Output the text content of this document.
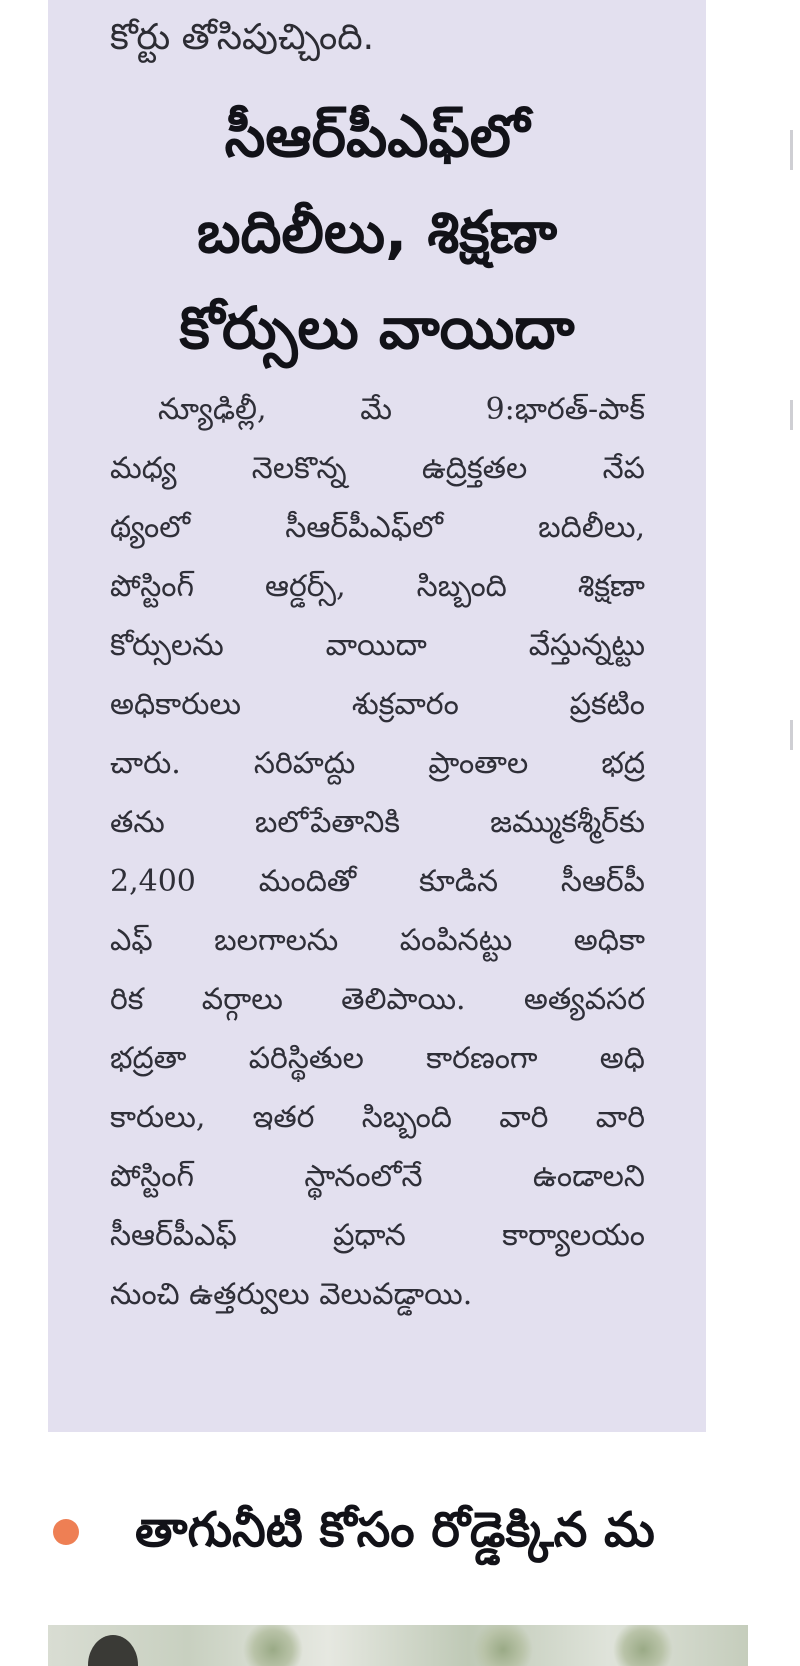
కోర్టు తోసిపుచ్చింది.
సీఆర్‌పీఎఫ్‌లో
బదిలీలు, శిక్షణా
కోర్సులు వాయిదా
న్యూఢిల్లీ, మే 9:భారత్‌-పాక్‌
మధ్య నెలకొన్న ఉద్రిక్తతల నేప
థ్యంలో సీఆర్‌పీఎఫ్‌లో బదిలీలు,
పోస్టింగ్‌ ఆర్డర్స్‌, సిబ్బంది శిక్షణా
కోర్సులను వాయిదా వేస్తున్నట్టు
అధికారులు శుక్రవారం ప్రకటిం
చారు. సరిహద్దు ప్రాంతాల భద్ర
తను బలోపేతానికి జమ్ముకశ్మీర్‌కు
2,400 మందితో కూడిన సీఆర్‌పీ
ఎఫ్‌ బలగాలను పంపినట్టు అధికా
రిక వర్గాలు తెలిపాయి. అత్యవసర
భద్రతా పరిస్థితుల కారణంగా అధి
కారులు, ఇతర సిబ్బంది వారి వారి
పోస్టింగ్‌ స్థానంలోనే ఉండాలని
సీఆర్‌పీఎఫ్‌ ప్రధాన కార్యాలయం
నుంచి ఉత్తర్వులు వెలువడ్డాయి.
తాగునీటి కోసం రోడ్డెక్కిన మ
